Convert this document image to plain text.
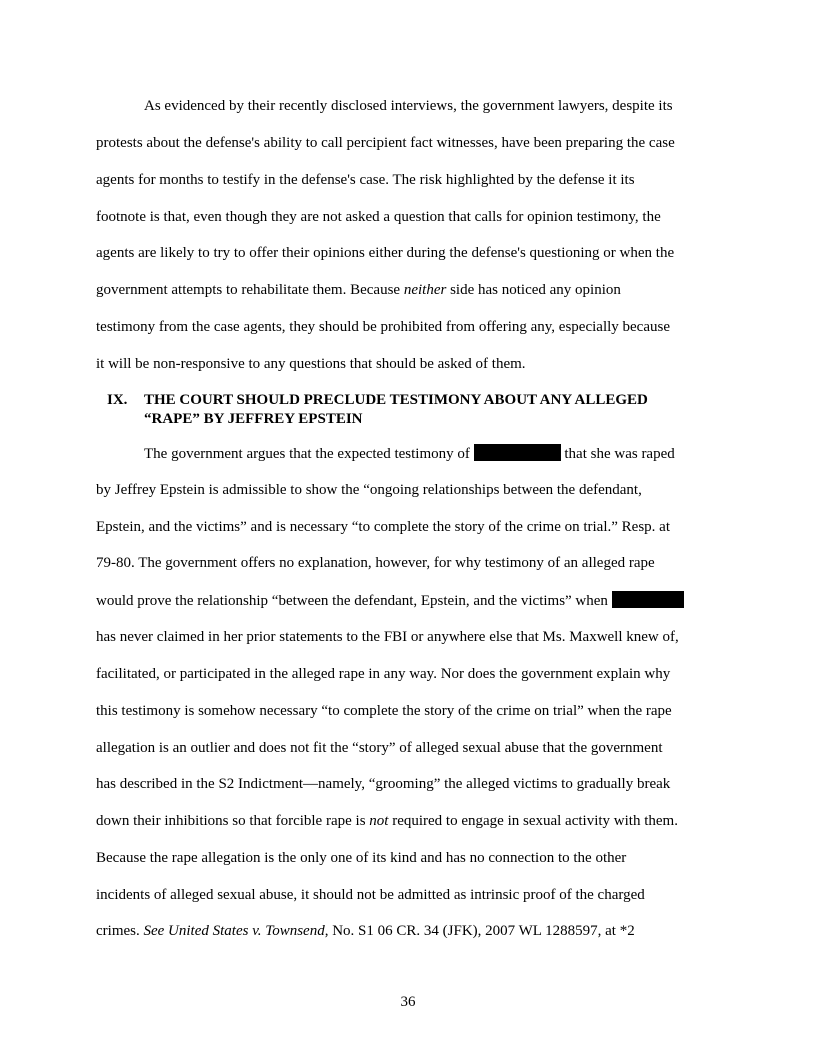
As evidenced by their recently disclosed interviews, the government lawyers, despite its
protests about the defense's ability to call percipient fact witnesses, have been preparing the case
agents for months to testify in the defense's case. The risk highlighted by the defense it its
footnote is that, even though they are not asked a question that calls for opinion testimony, the
agents are likely to try to offer their opinions either during the defense's questioning or when the
government attempts to rehabilitate them. Because neither side has noticed any opinion
testimony from the case agents, they should be prohibited from offering any, especially because
it will be non-responsive to any questions that should be asked of them.
IX. THE COURT SHOULD PRECLUDE TESTIMONY ABOUT ANY ALLEGED
“RAPE” BY JEFFREY EPSTEIN
The government argues that the expected testimony of	that she was raped
by Jeffrey Epstein is admissible to show the “ongoing relationships between the defendant,
Epstein, and the victims” and is necessary “to complete the story of the crime on trial.” Resp. at
79-80. The government offers no explanation, however, for why testimony of an alleged rape
would prove the relationship “between the defendant, Epstein, and the victims” when
has never claimed in her prior statements to the FBI or anywhere else that Ms. Maxwell knew of,
facilitated, or participated in the alleged rape in any way. Nor does the government explain why
this testimony is somehow necessary “to complete the story of the crime on trial” when the rape
allegation is an outlier and does not fit the “story” of alleged sexual abuse that the government
has described in the S2 Indictment—namely, “grooming” the alleged victims to gradually break
down their inhibitions so that forcible rape is not required to engage in sexual activity with them.
Because the rape allegation is the only one of its kind and has no connection to the other
incidents of alleged sexual abuse, it should not be admitted as intrinsic proof of the charged
crimes. See United States v. Townsend, No. S1 06 CR. 34 (JFK), 2007 WL 1288597, at *2
36
